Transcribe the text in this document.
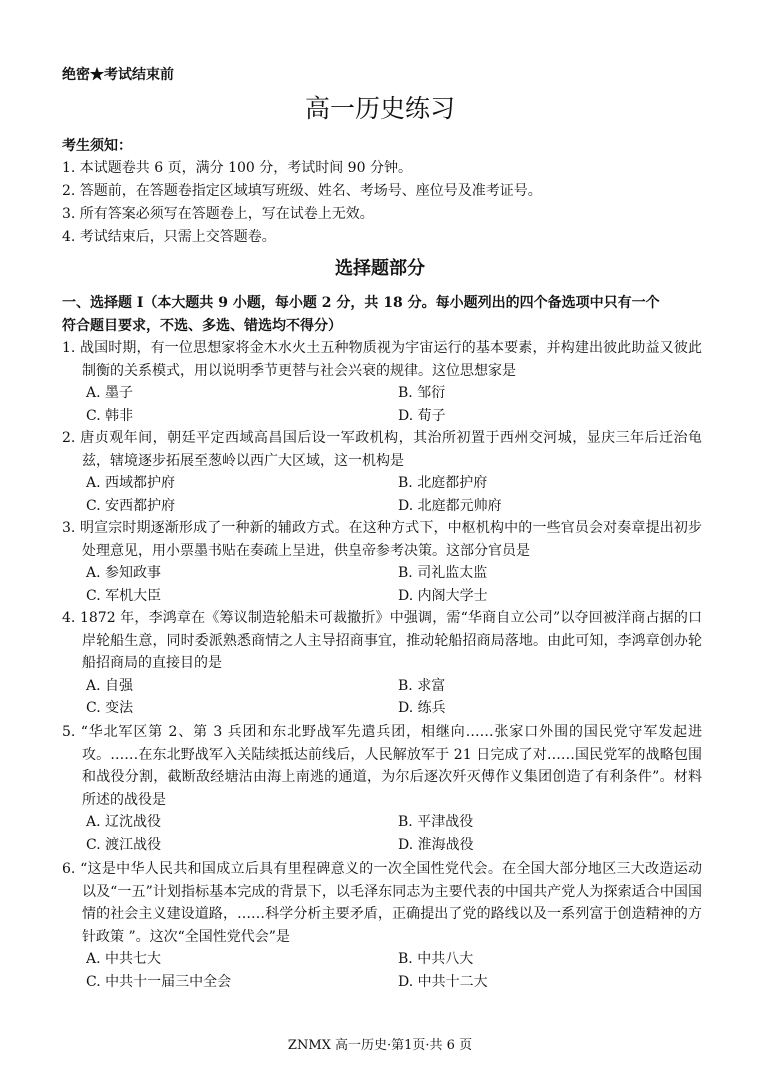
绝密★考试结束前
高一历史练习
考生须知：
1. 本试题卷共 6 页，满分 100 分，考试时间 90 分钟。
2. 答题前，在答题卷指定区域填写班级、姓名、考场号、座位号及准考证号。
3. 所有答案必须写在答题卷上，写在试卷上无效。
4. 考试结束后，只需上交答题卷。
选择题部分
一、选择题 I（本大题共 9 小题，每小题 2 分，共 18 分。每小题列出的四个备选项中只有一个
符合题目要求，不选、多选、错选均不得分）
1. 战国时期，有一位思想家将金木水火土五种物质视为宇宙运行的基本要素，并构建出彼此助益又彼此制衡的关系模式，用以说明季节更替与社会兴衰的规律。这位思想家是
A. 墨子	B. 邹衍
C. 韩非	D. 荀子
2. 唐贞观年间，朝廷平定西域高昌国后设一军政机构，其治所初置于西州交河城，显庆三年后迁治龟兹，辖境逐步拓展至葱岭以西广大区域，这一机构是
A. 西域都护府	B. 北庭都护府
C. 安西都护府	D. 北庭都元帅府
3. 明宣宗时期逐渐形成了一种新的辅政方式。在这种方式下，中枢机构中的一些官员会对奏章提出初步处理意见，用小票墨书贴在奏疏上呈进，供皇帝参考决策。这部分官员是
A. 参知政事	B. 司礼监太监
C. 军机大臣	D. 内阁大学士
4. 1872 年，李鸿章在《筹议制造轮船未可裁撤折》中强调，需“华商自立公司”以夺回被洋商占据的口岸轮船生意，同时委派熟悉商情之人主导招商事宜，推动轮船招商局落地。由此可知，李鸿章创办轮船招商局的直接目的是
A. 自强	B. 求富
C. 变法	D. 练兵
5. “华北军区第 2、第 3 兵团和东北野战军先遣兵团，相继向……张家口外围的国民党守军发起进攻。……在东北野战军入关陆续抵达前线后，人民解放军于 21 日完成了对……国民党军的战略包围和战役分割，截断敌经塘沽由海上南逃的通道，为尔后逐次歼灭傅作义集团创造了有利条件”。材料所述的战役是
A. 辽沈战役	B. 平津战役
C. 渡江战役	D. 淮海战役
6. “这是中华人民共和国成立后具有里程碑意义的一次全国性党代会。在全国大部分地区三大改造运动以及“一五”计划指标基本完成的背景下，以毛泽东同志为主要代表的中国共产党人为探索适合中国国情的社会主义建设道路，……科学分析主要矛盾，正确提出了党的路线以及一系列富于创造精神的方针政策 ”。这次“全国性党代会”是
A. 中共七大	B. 中共八大
C. 中共十一届三中全会	D. 中共十二大
ZNMX 高一历史·第1页·共 6 页
